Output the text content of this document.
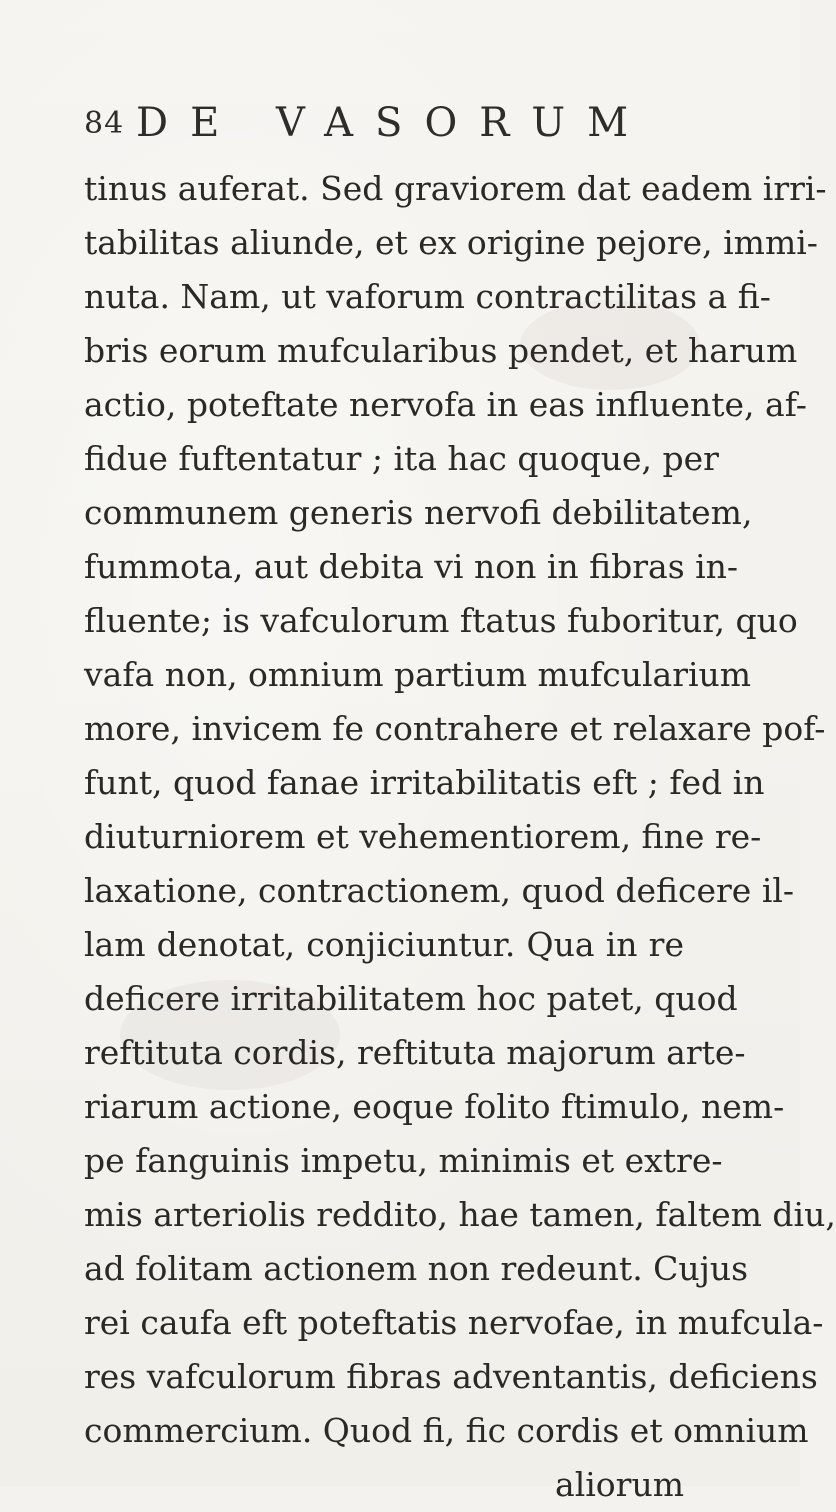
84 DE VASORUM
tinus auferat. Sed graviorem dat eadem irri-
tabilitas aliunde, et ex origine pejore, immi-
nuta. Nam, ut vaforum contractilitas a fi-
bris eorum mufcularibus pendet, et harum
actio, poteftate nervofa in eas influente, af-
fidue fuftentatur ; ita hac quoque, per
communem generis nervofi debilitatem,
fummota, aut debita vi non in fibras in-
fluente; is vafculorum ftatus fuboritur, quo
vafa non, omnium partium mufcularium
more, invicem fe contrahere et relaxare pof-
funt, quod fanae irritabilitatis eft ; fed in
diuturniorem et vehementiorem, fine re-
laxatione, contractionem, quod deficere il-
lam denotat, conjiciuntur. Qua in re
deficere irritabilitatem hoc patet, quod
reftituta cordis, reftituta majorum arte-
riarum actione, eoque folito ftimulo, nem-
pe fanguinis impetu, minimis et extre-
mis arteriolis reddito, hae tamen, faltem diu,
ad folitam actionem non redeunt. Cujus
rei caufa eft poteftatis nervofae, in mufcula-
res vafculorum fibras adventantis, deficiens
commercium. Quod fi, fic cordis et omnium
aliorum
